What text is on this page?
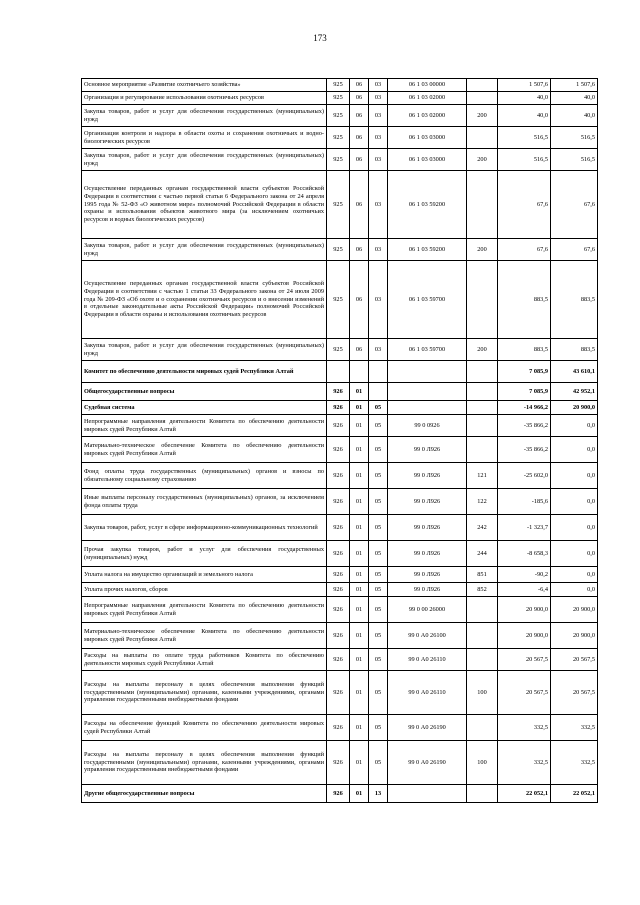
173
Основное мероприятие «Развитие охотничьего хозяйства»	925	06	03	06 1 03 00000		1 507,6	1 507,6
Организация и регулирование использования охотничьих ресурсов	925	06	03	06 1 03 02000		40,0	40,0
Закупка товаров, работ и услуг для обеспечения государственных (муниципальных) нужд	925	06	03	06 1 03 02000	200	40,0	40,0
Организация контроля и надзора в области охоты и сохранения охотничьих и водно-биологических ресурсов	925	06	03	06 1 03 03000		516,5	516,5
Закупка товаров, работ и услуг для обеспечения государственных (муниципальных) нужд	925	06	03	06 1 03 03000	200	516,5	516,5
Осуществление переданных органам государственной власти субъектов Российской Федерации в соответствии с частью первой статьи 6 Федерального закона от 24 апреля 1995 года № 52-ФЗ «О животном мире» полномочий Российской Федерации в области охраны и использования объектов животного мира (за исключением охотничьих ресурсов и водных биологических ресурсов)	925	06	03	06 1 03 59200		67,6	67,6
Закупка товаров, работ и услуг для обеспечения государственных (муниципальных) нужд	925	06	03	06 1 03 59200	200	67,6	67,6
Осуществление переданных органам государственной власти субъектов Российской Федерации в соответствии с частью 1 статьи 33 Федерального закона от 24 июля 2009 года № 209-ФЗ «Об охоте и о сохранении охотничьих ресурсов и о внесении изменений в отдельные законодательные акты Российской Федерации» полномочий Российской Федерации в области охраны и использования охотничьих ресурсов	925	06	03	06 1 03 59700		883,5	883,5
Закупка товаров, работ и услуг для обеспечения государственных (муниципальных) нужд	925	06	03	06 1 03 59700	200	883,5	883,5
Комитет по обеспечению деятельности мировых судей Республики Алтай						7 085,9	43 610,1
Общегосударственные вопросы	926	01				7 085,9	42 952,1
Судебная система	926	01	05			-14 966,2	20 900,0
Непрограммные направления деятельности Комитета по обеспечению деятельности мировых судей Республики Алтай	926	01	05	99 0 0926		-35 866,2	0,0
Материально-техническое обеспечение Комитета по обеспечению деятельности мировых судей Республики Алтай	926	01	05	99 0 Л926		-35 866,2	0,0
Фонд оплаты труда государственных (муниципальных) органов и взносы по обязательному социальному страхованию	926	01	05	99 0 Л926	121	-25 602,0	0,0
Иные выплаты персоналу государственных (муниципальных) органов, за исключением фонда оплаты труда	926	01	05	99 0 Л926	122	-185,6	0,0
Закупка товаров, работ, услуг в сфере информационно-коммуникационных технологий	926	01	05	99 0 Л926	242	-1 323,7	0,0
Прочая закупка товаров, работ и услуг для обеспечения государственных (муниципальных) нужд	926	01	05	99 0 Л926	244	-8 658,3	0,0
Уплата налога на имущество организаций и земельного налога	926	01	05	99 0 Л926	851	-90,2	0,0
Уплата прочих налогов, сборов	926	01	05	99 0 Л926	852	-6,4	0,0
Непрограммные направления деятельности Комитета по обеспечению деятельности мировых судей Республики Алтай	926	01	05	99 0 00 26000		20 900,0	20 900,0
Материально-техническое обеспечение Комитета по обеспечению деятельности мировых судей Республики Алтай	926	01	05	99 0 А0 26100		20 900,0	20 900,0
Расходы на выплаты по оплате труда работников Комитета по обеспечению деятельности мировых судей Республики Алтай	926	01	05	99 0 А0 26110		20 567,5	20 567,5
Расходы на выплаты персоналу в целях обеспечения выполнения функций государственными (муниципальными) органами, казенными учреждениями, органами управления государственными внебюджетными фондами	926	01	05	99 0 А0 26110	100	20 567,5	20 567,5
Расходы на обеспечение функций Комитета по обеспечению деятельности мировых судей Республики Алтай	926	01	05	99 0 А0 26190		332,5	332,5
Расходы на выплаты персоналу в целях обеспечения выполнения функций государственными (муниципальными) органами, казенными учреждениями, органами управления государственными внебюджетными фондами	926	01	05	99 0 А0 26190	100	332,5	332,5
Другие общегосударственные вопросы	926	01	13			22 052,1	22 052,1
